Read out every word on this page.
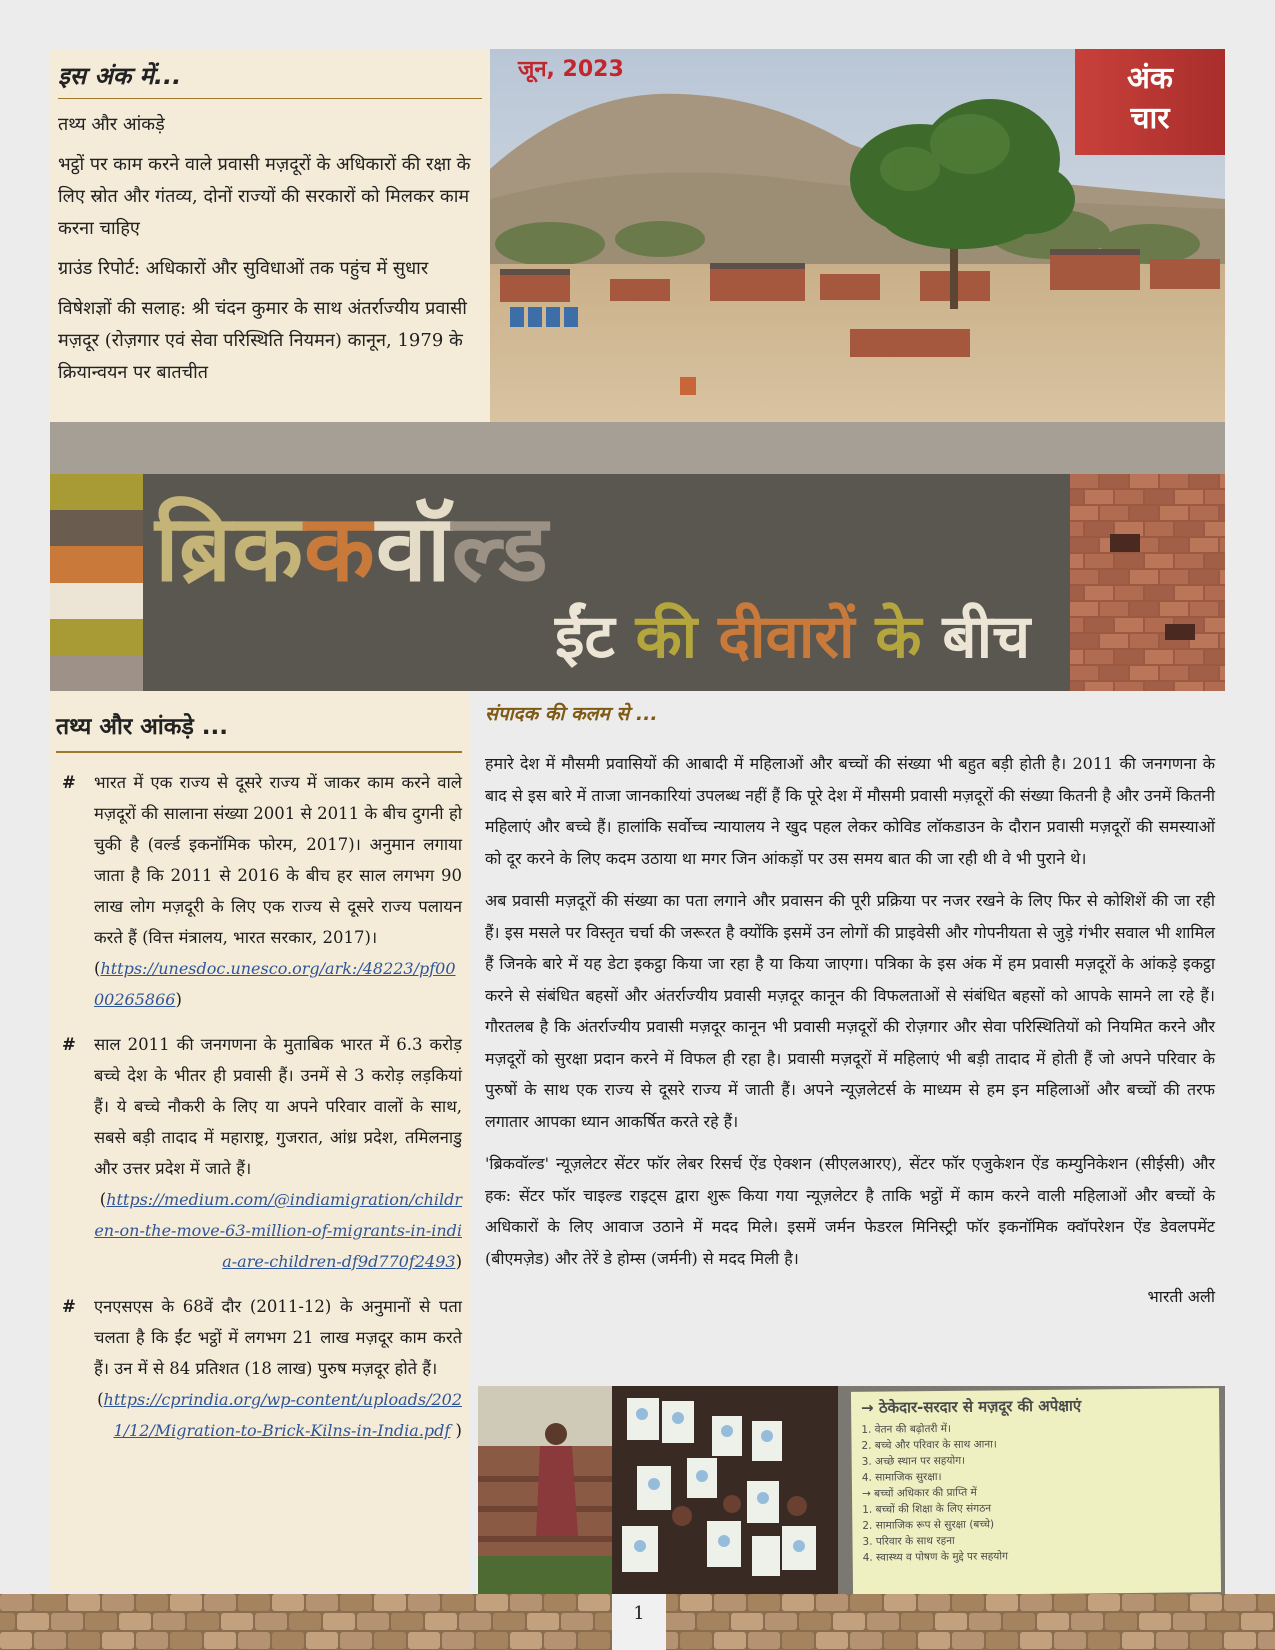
इस अंक में...
तथ्य और आंकड़े
भट्ठों पर काम करने वाले प्रवासी मज़दूरों के अधिकारों की रक्षा के लिए स्रोत और गंतव्य, दोनों राज्यों की सरकारों को मिलकर काम करना चाहिए
ग्राउंड रिपोर्ट: अधिकारों और सुविधाओं तक पहुंच में सुधार
विषेशज्ञों की सलाह: श्री चंदन कुमार के साथ अंतर्राज्यीय प्रवासी मज़दूर (रोज़गार एवं सेवा परिस्थिति नियमन) कानून, 1979 के क्रियान्वयन पर बातचीत
जून, 2023	अंक
चार
ब्रिककवॉल्ड
ईंट की दीवारों के बीच
तथ्य और आंकड़े ...
# भारत में एक राज्य से दूसरे राज्य में जाकर काम करने वाले मज़दूरों की सालाना संख्या 2001 से 2011 के बीच दुगनी हो चुकी है (वर्ल्ड इकनॉमिक फोरम, 2017)। अनुमान लगाया जाता है कि 2011 से 2016 के बीच हर साल लगभग 90 लाख लोग मज़दूरी के लिए एक राज्य से दूसरे राज्य पलायन करते हैं (वित्त मंत्रालय, भारत सरकार, 2017)।
(https://unesdoc.unesco.org/ark:/48223/pf0000265866)
# साल 2011 की जनगणना के मुताबिक भारत में 6.3 करोड़ बच्चे देश के भीतर ही प्रवासी हैं। उनमें से 3 करोड़ लड़कियां हैं। ये बच्चे नौकरी के लिए या अपने परिवार वालों के साथ, सबसे बड़ी तादाद में महाराष्ट्र, गुजरात, आंध्र प्रदेश, तमिलनाडु और उत्तर प्रदेश में जाते हैं।
(https://medium.com/@indiamigration/children-on-the-move-63-million-of-migrants-in-india-are-children-df9d770f2493)
# एनएसएस के 68वें दौर (2011-12) के अनुमानों से पता चलता है कि ईंट भट्ठों में लगभग 21 लाख मज़दूर काम करते हैं। उन में से 84 प्रतिशत (18 लाख) पुरुष मज़दूर होते हैं।
(https://cprindia.org/wp-content/uploads/2021/12/Migration-to-Brick-Kilns-in-India.pdf )
संपादक की कलम से ...

हमारे देश में मौसमी प्रवासियों की आबादी में महिलाओं और बच्चों की संख्या भी बहुत बड़ी होती है। 2011 की जनगणना के बाद से इस बारे में ताजा जानकारियां उपलब्ध नहीं हैं कि पूरे देश में मौसमी प्रवासी मज़दूरों की संख्या कितनी है और उनमें कितनी महिलाएं और बच्चे हैं। हालांकि सर्वोच्च न्यायालय ने खुद पहल लेकर कोविड लॉकडाउन के दौरान प्रवासी मज़दूरों की समस्याओं को दूर करने के लिए कदम उठाया था मगर जिन आंकड़ों पर उस समय बात की जा रही थी वे भी पुराने थे।

अब प्रवासी मज़दूरों की संख्या का पता लगाने और प्रवासन की पूरी प्रक्रिया पर नजर रखने के लिए फिर से कोशिशें की जा रही हैं। इस मसले पर विस्तृत चर्चा की जरूरत है क्योंकि इसमें उन लोगों की प्राइवेसी और गोपनीयता से जुड़े गंभीर सवाल भी शामिल हैं जिनके बारे में यह डेटा इकट्ठा किया जा रहा है या किया जाएगा। पत्रिका के इस अंक में हम प्रवासी मज़दूरों के आंकड़े इकट्ठा करने से संबंधित बहसों और अंतर्राज्यीय प्रवासी मज़दूर कानून की विफलताओं से संबंधित बहसों को आपके सामने ला रहे हैं। गौरतलब है कि अंतर्राज्यीय प्रवासी मज़दूर कानून भी प्रवासी मज़दूरों की रोज़गार और सेवा परिस्थितियों को नियमित करने और मज़दूरों को सुरक्षा प्रदान करने में विफल ही रहा है। प्रवासी मज़दूरों में महिलाएं भी बड़ी तादाद में होती हैं जो अपने परिवार के पुरुषों के साथ एक राज्य से दूसरे राज्य में जाती हैं। अपने न्यूज़लेटर्स के माध्यम से हम इन महिलाओं और बच्चों की तरफ लगातार आपका ध्यान आकर्षित करते रहे हैं।

'ब्रिकवॉल्ड' न्यूज़लेटर सेंटर फॉर लेबर रिसर्च ऐंड ऐक्शन (सीएलआरए), सेंटर फॉर एजुकेशन ऐंड कम्युनिकेशन (सीईसी) और हक: सेंटर फॉर चाइल्ड राइट्स द्वारा शुरू किया गया न्यूज़लेटर है ताकि भट्ठों में काम करने वाली महिलाओं और बच्चों के अधिकारों के लिए आवाज उठाने में मदद मिले। इसमें जर्मन फेडरल मिनिस्ट्री फॉर इकनॉमिक क्वॉपरेशन ऐंड डेवलपमेंट (बीएमज़ेड) और तेरें डे होम्स (जर्मनी) से मदद मिली है।

भारती अली
→ ठेकेदार-सरदार से मज़दूर की अपेक्षाएं
1. वेतन की बढ़ोतरी में।
2. बच्चे और परिवार के साथ आना।
3. अच्छे स्थान पर सहयोग।
4. सामाजिक सुरक्षा।
→ बच्चों अधिकार की प्राप्ति में
1. बच्चों की शिक्षा के लिए संगठन
2. सामाजिक रूप से सुरक्षा (बच्चे)
3. परिवार के साथ रहना
4. स्वास्थ्य व पोषण के मुद्दे पर सहयोग
1
